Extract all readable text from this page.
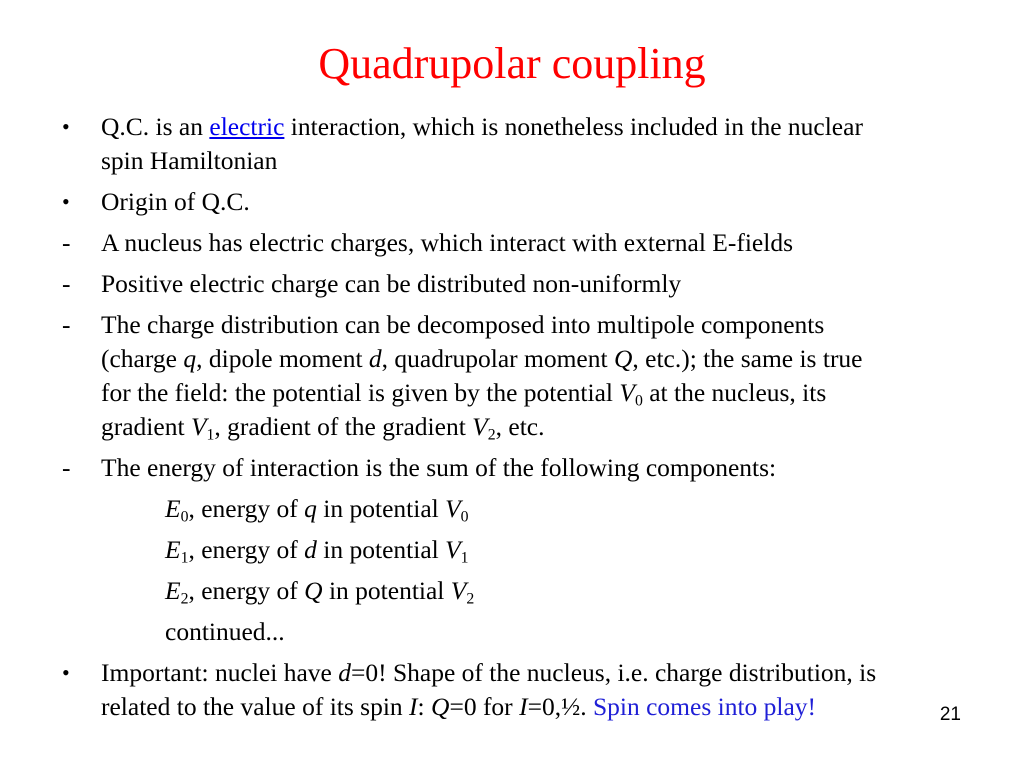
Quadrupolar coupling
• Q.C. is an electric interaction, which is nonetheless included in the nuclear
spin Hamiltonian
• Origin of Q.C.
- A nucleus has electric charges, which interact with external E-fields
- Positive electric charge can be distributed non-uniformly
- The charge distribution can be decomposed into multipole components
(charge q, dipole moment d, quadrupolar moment Q, etc.); the same is true
for the field: the potential is given by the potential $V_0$ at the nucleus, its
gradient $V_1$, gradient of the gradient $V_2$, etc.
- The energy of interaction is the sum of the following components:
$E_0$, energy of q in potential $V_0$
$E_1$, energy of d in potential $V_1$
$E_2$, energy of Q in potential $V_2$
continued...
• Important: nuclei have d=0! Shape of the nucleus, i.e. charge distribution, is
related to the value of its spin I: Q=0 for I=0,½. Spin comes into play!	21
